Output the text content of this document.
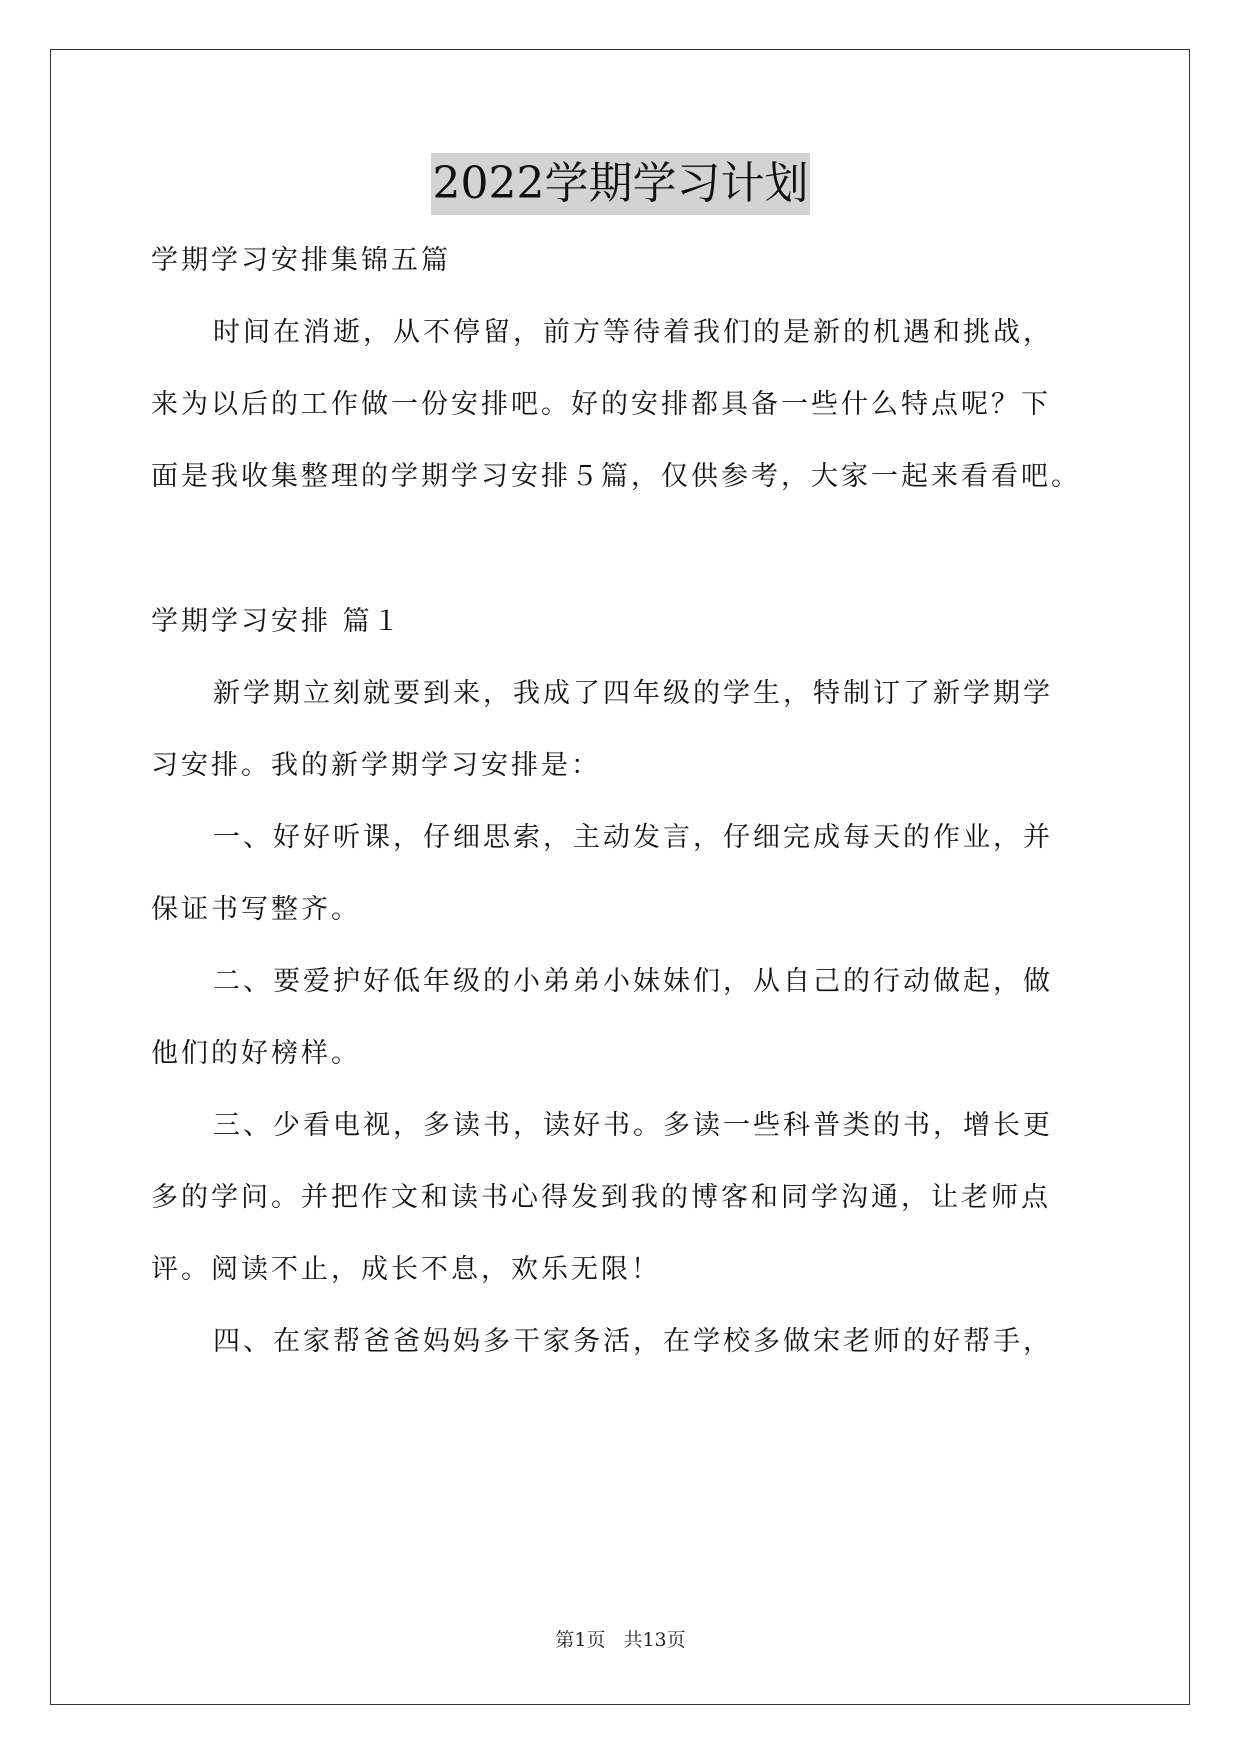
2022学期学习计划
学期学习安排集锦五篇
时间在消逝，从不停留，前方等待着我们的是新的机遇和挑战，
来为以后的工作做一份安排吧。好的安排都具备一些什么特点呢？下
面是我收集整理的学期学习安排５篇，仅供参考，大家一起来看看吧。
学期学习安排 篇１
新学期立刻就要到来，我成了四年级的学生，特制订了新学期学
习安排。我的新学期学习安排是：
一、好好听课，仔细思索，主动发言，仔细完成每天的作业，并
保证书写整齐。
二、要爱护好低年级的小弟弟小妹妹们，从自己的行动做起，做
他们的好榜样。
三、少看电视，多读书，读好书。多读一些科普类的书，增长更
多的学问。并把作文和读书心得发到我的博客和同学沟通，让老师点
评。阅读不止，成长不息，欢乐无限！
四、在家帮爸爸妈妈多干家务活，在学校多做宋老师的好帮手，
第1页 共13页
